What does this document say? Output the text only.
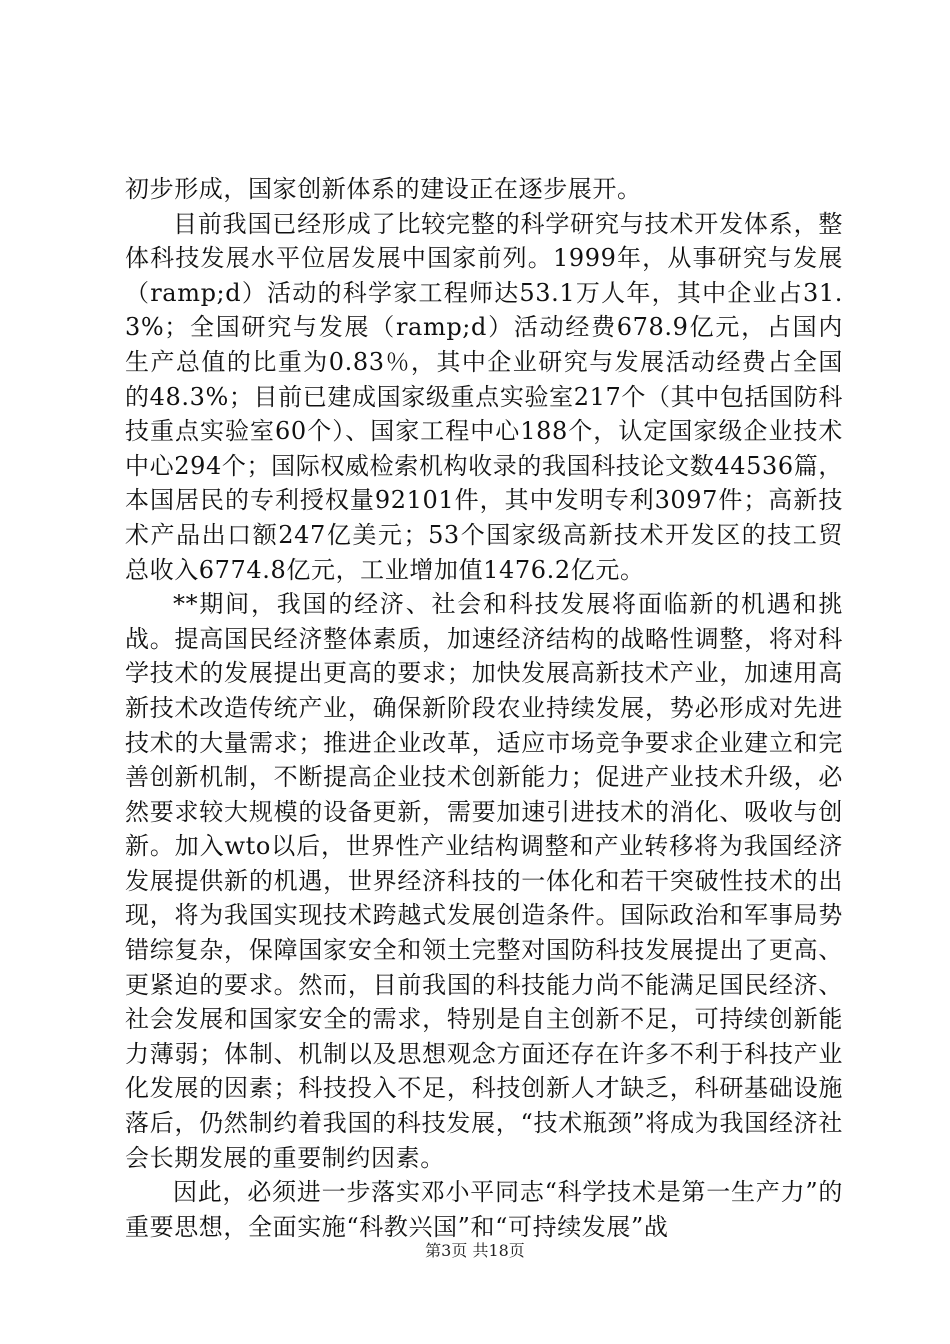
初步形成，国家创新体系的建设正在逐步展开。

目前我国已经形成了比较完整的科学研究与技术开发体系，整体科技发展水平位居发展中国家前列。1999年，从事研究与发展（ramp;d）活动的科学家工程师达53.1万人年，其中企业占31.3%；全国研究与发展（ramp;d）活动经费678.9亿元，占国内生产总值的比重为0.83％，其中企业研究与发展活动经费占全国的48.3%；目前已建成国家级重点实验室217个（其中包括国防科技重点实验室60个）、国家工程中心188个，认定国家级企业技术中心294个；国际权威检索机构收录的我国科技论文数44536篇，本国居民的专利授权量92101件，其中发明专利3097件；高新技术产品出口额247亿美元；53个国家级高新技术开发区的技工贸总收入6774.8亿元，工业增加值1476.2亿元。

**期间，我国的经济、社会和科技发展将面临新的机遇和挑战。提高国民经济整体素质，加速经济结构的战略性调整，将对科学技术的发展提出更高的要求；加快发展高新技术产业，加速用高新技术改造传统产业，确保新阶段农业持续发展，势必形成对先进技术的大量需求；推进企业改革，适应市场竞争要求企业建立和完善创新机制，不断提高企业技术创新能力；促进产业技术升级，必然要求较大规模的设备更新，需要加速引进技术的消化、吸收与创新。加入wto以后，世界性产业结构调整和产业转移将为我国经济发展提供新的机遇，世界经济科技的一体化和若干突破性技术的出现，将为我国实现技术跨越式发展创造条件。国际政治和军事局势错综复杂，保障国家安全和领土完整对国防科技发展提出了更高、更紧迫的要求。然而，目前我国的科技能力尚不能满足国民经济、社会发展和国家安全的需求，特别是自主创新不足，可持续创新能力薄弱；体制、机制以及思想观念方面还存在许多不利于科技产业化发展的因素；科技投入不足，科技创新人才缺乏，科研基础设施落后，仍然制约着我国的科技发展，“技术瓶颈”将成为我国经济社会长期发展的重要制约因素。

因此，必须进一步落实邓小平同志“科学技术是第一生产力”的重要思想，全面实施“科教兴国”和“可持续发展”战

第3页 共18页
